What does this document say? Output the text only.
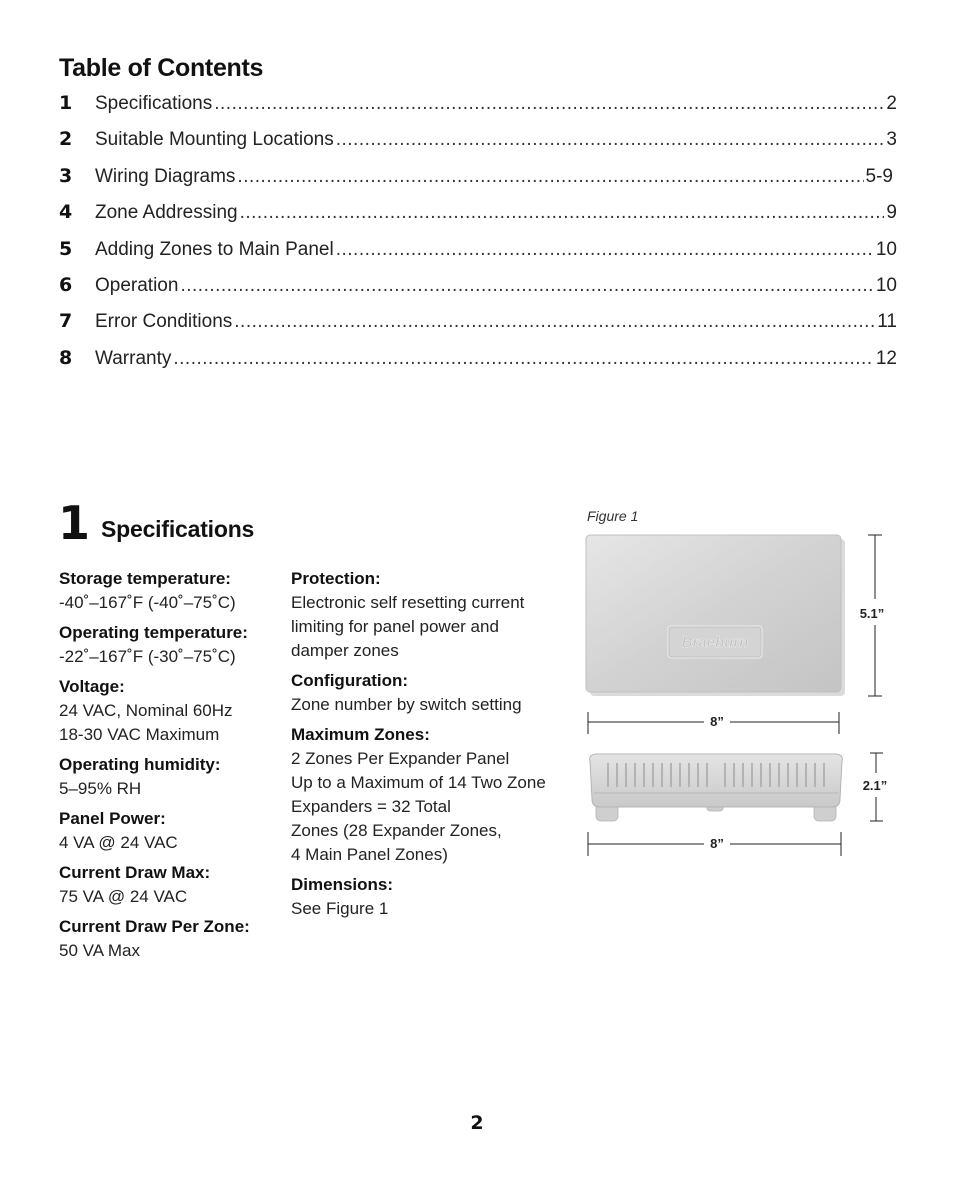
Table of Contents
1	Specifications .....	2
2	Suitable Mounting Locations .....	3
3	Wiring Diagrams .....	5-9
4	Zone Addressing .....	9
5	Adding Zones to Main Panel .....	10
6	Operation .....	10
7	Error Conditions .....	11
8	Warranty .....	12
1 Specifications
Storage temperature:
-40˚–167˚F (-40˚–75˚C)
Operating temperature:
-22˚–167˚F (-30˚–75˚C)
Voltage:
24 VAC, Nominal 60Hz
18-30 VAC Maximum
Operating humidity:
5–95% RH
Panel Power:
4 VA @ 24 VAC
Current Draw Max:
75 VA @ 24 VAC
Current Draw Per Zone:
50 VA Max
Protection:
Electronic self resetting current
limiting for panel power and
damper zones
Configuration:
Zone number by switch setting
Maximum Zones:
2 Zones Per Expander Panel
Up to a Maximum of 14 Two Zone
Expanders = 32 Total
Zones (28 Expander Zones,
4 Main Panel Zones)
Dimensions:
See Figure 1
Figure 1
Braeburn
5.1”
8”
2.1”
8”
2
